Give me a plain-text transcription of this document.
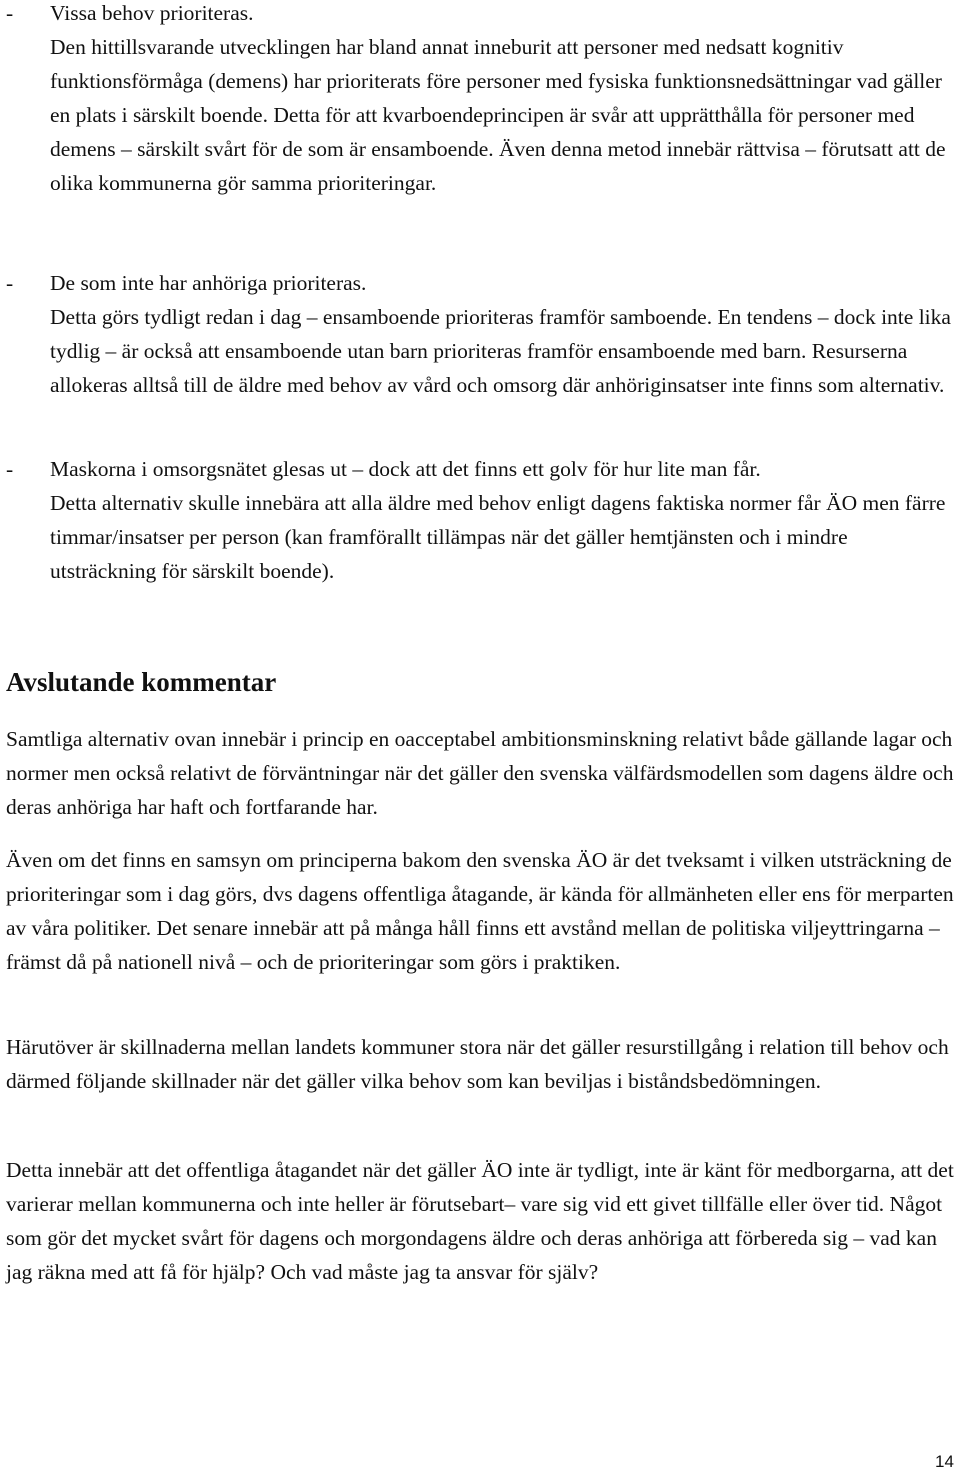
- Vissa behov prioriteras.
Den hittillsvarande utvecklingen har bland annat inneburit att personer med nedsatt kognitiv funktionsförmåga (demens) har prioriterats före personer med fysiska funktionsnedsättningar vad gäller en plats i särskilt boende. Detta för att kvarboendeprincipen är svår att upprätthålla för personer med demens – särskilt svårt för de som är ensamboende. Även denna metod innebär rättvisa – förutsatt att de olika kommunerna gör samma prioriteringar.
- De som inte har anhöriga prioriteras.
Detta görs tydligt redan i dag – ensamboende prioriteras framför samboende. En tendens – dock inte lika tydlig – är också att ensamboende utan barn prioriteras framför ensamboende med barn. Resurserna allokeras alltså till de äldre med behov av vård och omsorg där anhöriginsatser inte finns som alternativ.
- Maskorna i omsorgsnätet glesas ut – dock att det finns ett golv för hur lite man får.
Detta alternativ skulle innebära att alla äldre med behov enligt dagens faktiska normer får ÄO men färre timmar/insatser per person (kan framförallt tillämpas när det gäller hemtjänsten och i mindre utsträckning för särskilt boende).
Avslutande kommentar

Samtliga alternativ ovan innebär i princip en oacceptabel ambitionsminskning relativt både gällande lagar och normer men också relativt de förväntningar när det gäller den svenska välfärdsmodellen som dagens äldre och deras anhöriga har haft och fortfarande har.

Även om det finns en samsyn om principerna bakom den svenska ÄO är det tveksamt i vilken utsträckning de prioriteringar som i dag görs, dvs dagens offentliga åtagande, är kända för allmänheten eller ens för merparten av våra politiker. Det senare innebär att på många håll finns ett avstånd mellan de politiska viljeyttringarna – främst då på nationell nivå – och de prioriteringar som görs i praktiken.

Härutöver är skillnaderna mellan landets kommuner stora när det gäller resurstillgång i relation till behov och därmed följande skillnader när det gäller vilka behov som kan beviljas i biståndsbedömningen.

Detta innebär att det offentliga åtagandet när det gäller ÄO inte är tydligt, inte är känt för medborgarna, att det varierar mellan kommunerna och inte heller är förutsebart– vare sig vid ett givet tillfälle eller över tid. Något som gör det mycket svårt för dagens och morgondagens äldre och deras anhöriga att förbereda sig – vad kan jag räkna med att få för hjälp? Och vad måste jag ta ansvar för själv?

14
